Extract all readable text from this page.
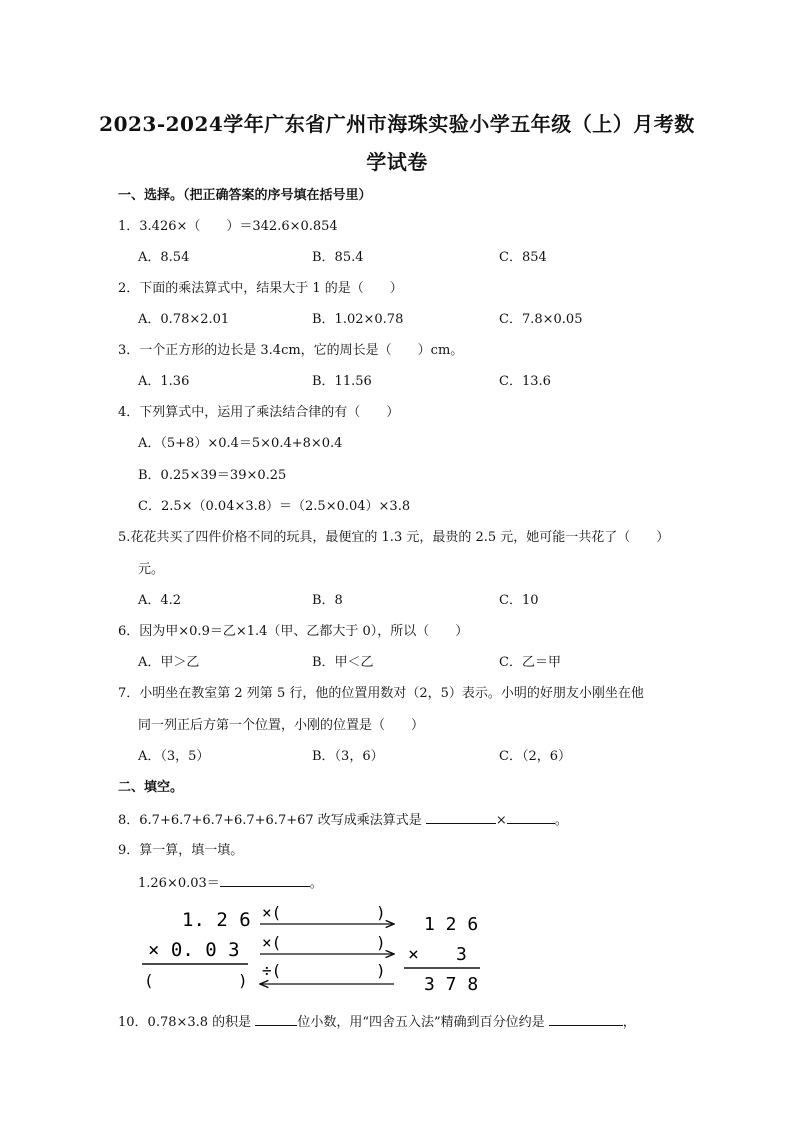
2023-2024学年广东省广州市海珠实验小学五年级（上）月考数
学试卷
一、选择。（把正确答案的序号填在括号里）
1．3.426×（　　）＝342.6×0.854
A．8.54	B．85.4	C．854
2．下面的乘法算式中，结果大于 1 的是（　　）
A．0.78×2.01	B．1.02×0.78	C．7.8×0.05
3．一个正方形的边长是 3.4cm，它的周长是（　　）cm。
A．1.36	B．11.56	C．13.6
4．下列算式中，运用了乘法结合律的有（　　）
A．（5+8）×0.4＝5×0.4+8×0.4
B．0.25×39＝39×0.25
C．2.5×（0.04×3.8）＝（2.5×0.04）×3.8
5.花花共买了四件价格不同的玩具，最便宜的 1.3 元，最贵的 2.5 元，她可能一共花了（　　）
元。
A．4.2	B．8	C．10
6．因为甲×0.9＝乙×1.4（甲、乙都大于 0），所以（　　）
A．甲＞乙	B．甲＜乙	C．乙＝甲
7．小明坐在教室第 2 列第 5 行，他的位置用数对（2，5）表示。小明的好朋友小刚坐在他
同一列正后方第一个位置，小刚的位置是（　　）
A．（3，5）	B．（3，6）	C．（2，6）
二、填空。
8．6.7+6.7+6.7+6.7+6.7+67 改写成乘法算式是	×	。
9．算一算，填一填。
1.26×0.03＝	。
1. 2 6
× 0. 0 3
(	)
×(	)
×(	)
÷(	)
1 2 6
× 3
3 7 8
10．0.78×3.8 的积是	位小数，用“四舍五入法”精确到百分位约是	，
